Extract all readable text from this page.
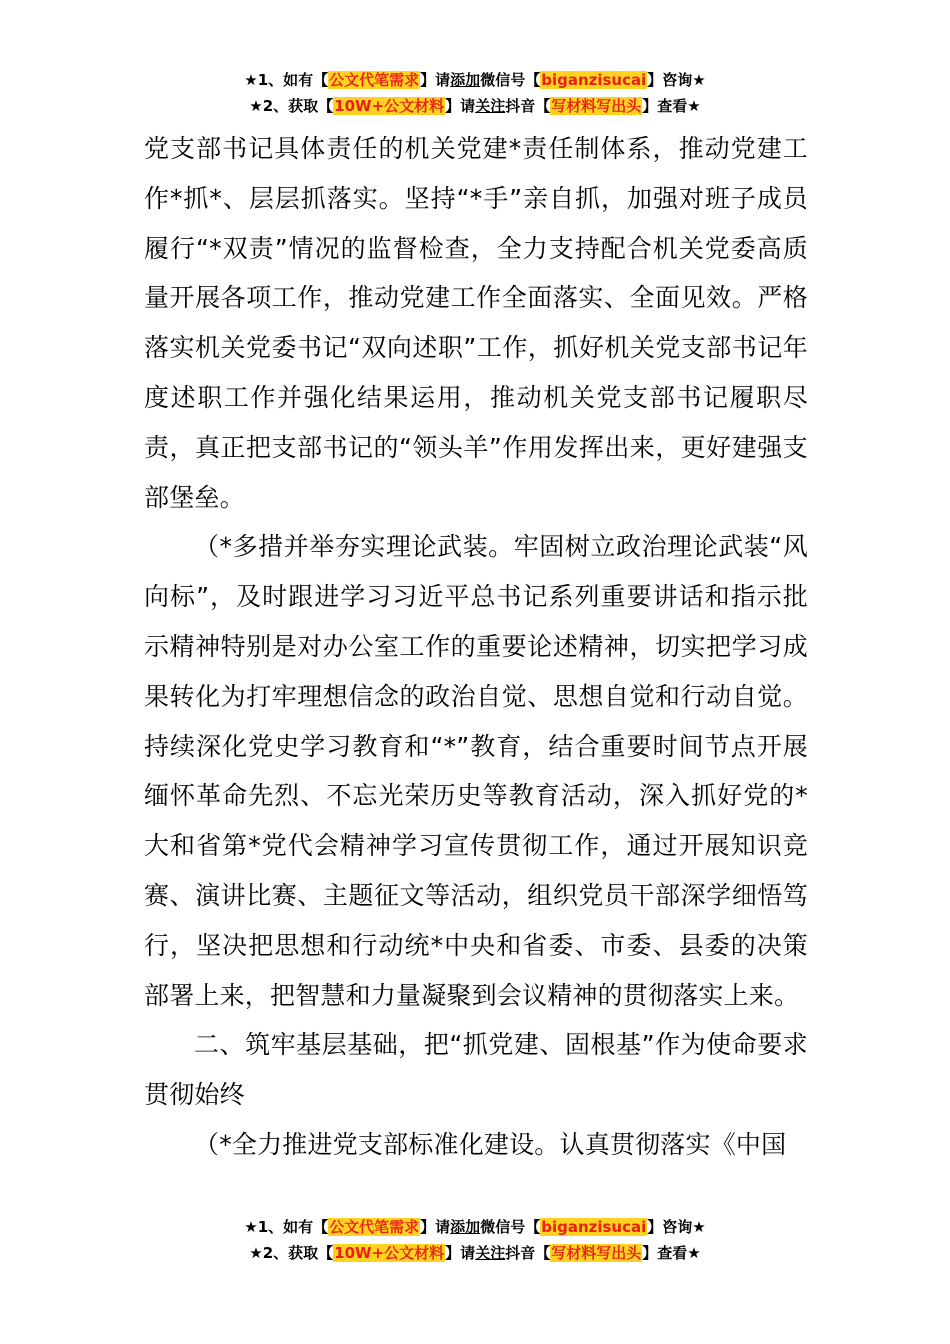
★1、如有【公文代笔需求】请添加微信号【biganzisucai】咨询★
★2、获取【10W+公文材料】请关注抖音【写材料写出头】查看★

党支部书记具体责任的机关党建*责任制体系，推动党建工作*抓*、层层抓落实。坚持“*手”亲自抓，加强对班子成员履行“*双责”情况的监督检查，全力支持配合机关党委高质量开展各项工作，推动党建工作全面落实、全面见效。严格落实机关党委书记“双向述职”工作，抓好机关党支部书记年度述职工作并强化结果运用，推动机关党支部书记履职尽责，真正把支部书记的“领头羊”作用发挥出来，更好建强支部堡垒。

（*多措并举夯实理论武装。牢固树立政治理论武装“风向标”，及时跟进学习习近平总书记系列重要讲话和指示批示精神特别是对办公室工作的重要论述精神，切实把学习成果转化为打牢理想信念的政治自觉、思想自觉和行动自觉。持续深化党史学习教育和“*”教育，结合重要时间节点开展缅怀革命先烈、不忘光荣历史等教育活动，深入抓好党的*大和省第*党代会精神学习宣传贯彻工作，通过开展知识竞赛、演讲比赛、主题征文等活动，组织党员干部深学细悟笃行，坚决把思想和行动统*中央和省委、市委、县委的决策部署上来，把智慧和力量凝聚到会议精神的贯彻落实上来。

二、筑牢基层基础，把“抓党建、固根基”作为使命要求贯彻始终

（*全力推进党支部标准化建设。认真贯彻落实《中国

★1、如有【公文代笔需求】请添加微信号【biganzisucai】咨询★
★2、获取【10W+公文材料】请关注抖音【写材料写出头】查看★
